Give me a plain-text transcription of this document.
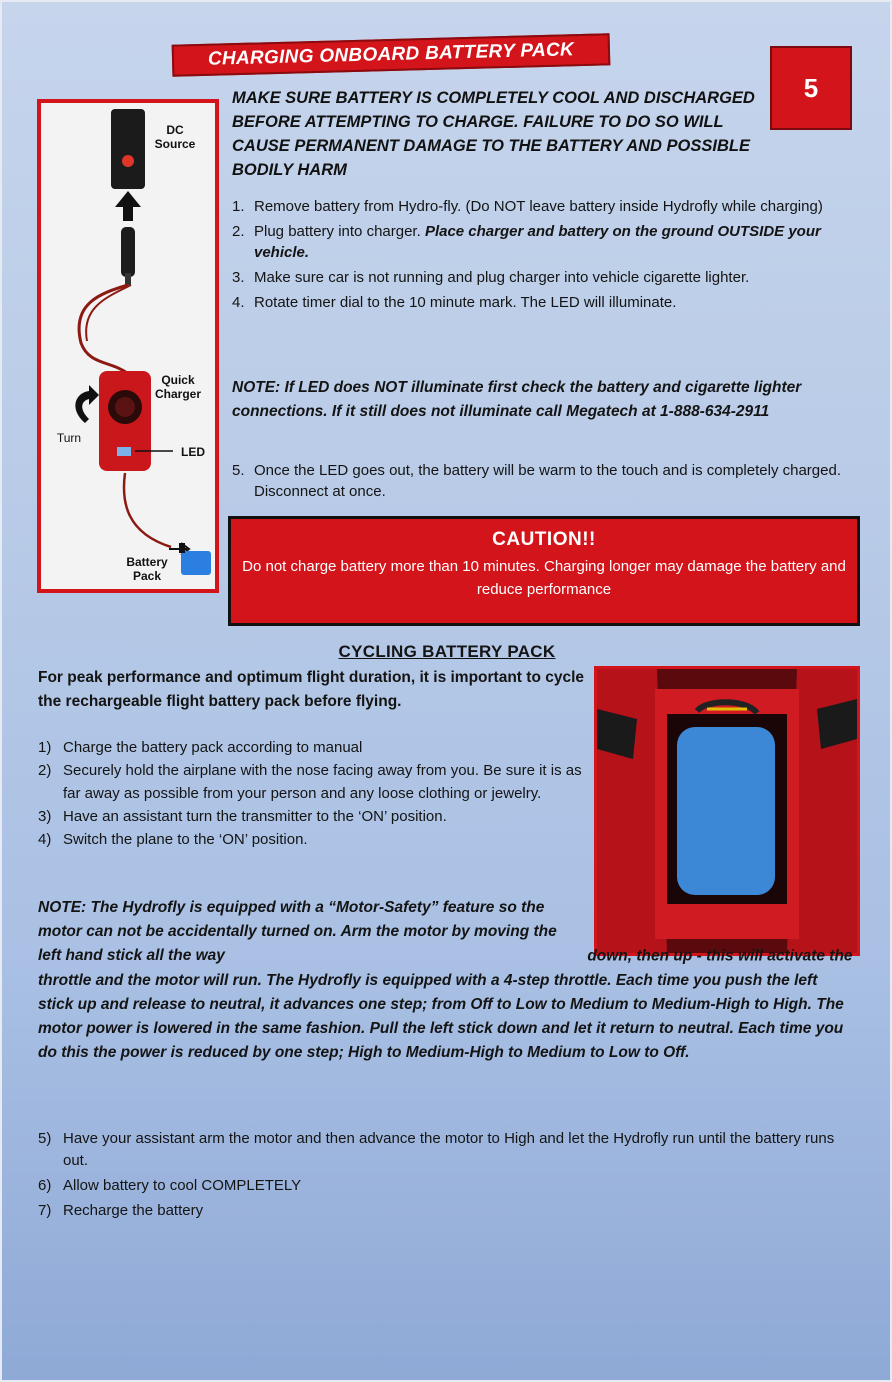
CHARGING ONBOARD BATTERY PACK
5
DC
Source
Quick
Charger
Turn
LED
Battery
Pack
MAKE SURE BATTERY IS COMPLETELY COOL AND DISCHARGED BEFORE ATTEMPTING TO CHARGE. FAILURE TO DO SO WILL CAUSE PERMANENT DAMAGE TO THE BATTERY AND POSSIBLE BODILY HARM
1. Remove battery from Hydro-fly. (Do NOT leave battery inside Hydrofly while charging)
2. Plug battery into charger. Place charger and battery on the ground OUTSIDE your vehicle.
3. Make sure car is not running and plug charger into vehicle cigarette lighter.
4. Rotate timer dial to the 10 minute mark. The LED will illuminate.
NOTE: If LED does NOT illuminate first check the battery and cigarette lighter connections. If it still does not illuminate call Megatech at 1-888-634-2911
5. Once the LED goes out, the battery will be warm to the touch and is completely charged. Disconnect at once.
CAUTION!!
Do not charge battery more than 10 minutes. Charging longer may damage the battery and reduce performance
CYCLING BATTERY PACK
For peak performance and optimum flight duration, it is important to cycle the rechargeable flight battery pack before flying.
1) Charge the battery pack according to manual
2) Securely hold the airplane with the nose facing away from you. Be sure it is as far away as possible from your person and any loose clothing or jewelry.
3) Have an assistant turn the transmitter to the ‘ON’ position.
4) Switch the plane to the ‘ON’ position.
NOTE: The Hydrofly is equipped with a “Motor-Safety” feature so the motor can not be accidentally turned on. Arm the motor by moving the left hand stick all the way	down, then up - this will activate the throttle and the motor will run. The Hydrofly is equipped with a 4-step throttle. Each time you push the left stick up and release to neutral, it advances one step; from Off to Low to Medium to Medium-High to High. The motor power is lowered in the same fashion. Pull the left stick down and let it return to neutral. Each time you do this the power is reduced by one step; High to Medium-High to Medium to Low to Off.
5) Have your assistant arm the motor and then advance the motor to High and let the Hydrofly run until the battery runs out.
6) Allow battery to cool COMPLETELY
7) Recharge the battery
